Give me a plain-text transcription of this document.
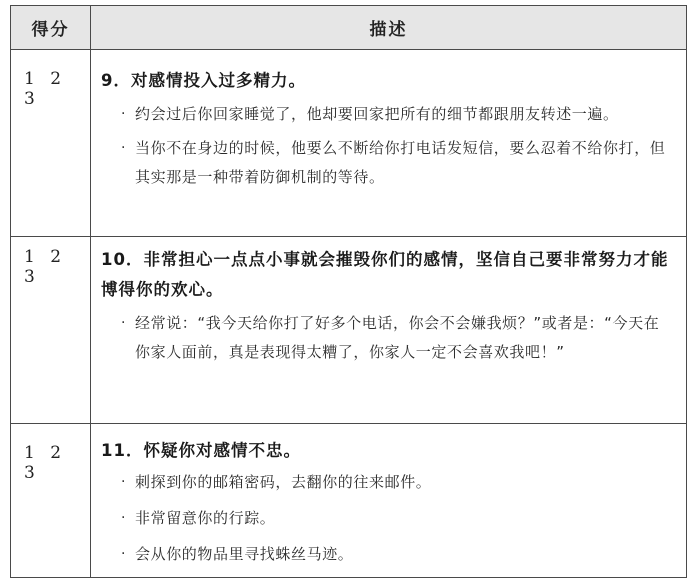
得分	描述
1 2 3
9．对感情投入过多精力。
· 约会过后你回家睡觉了，他却要回家把所有的细节都跟朋友转述一遍。
· 当你不在身边的时候，他要么不断给你打电话发短信，要么忍着不给你打，但其实那是一种带着防御机制的等待。
1 2 3
10．非常担心一点点小事就会摧毁你们的感情，坚信自己要非常努力才能博得你的欢心。
· 经常说：“我今天给你打了好多个电话，你会不会嫌我烦？”或者是：“今天在你家人面前，真是表现得太糟了，你家人一定不会喜欢我吧！”
1 2 3
11．怀疑你对感情不忠。
· 刺探到你的邮箱密码，去翻你的往来邮件。
· 非常留意你的行踪。
· 会从你的物品里寻找蛛丝马迹。
